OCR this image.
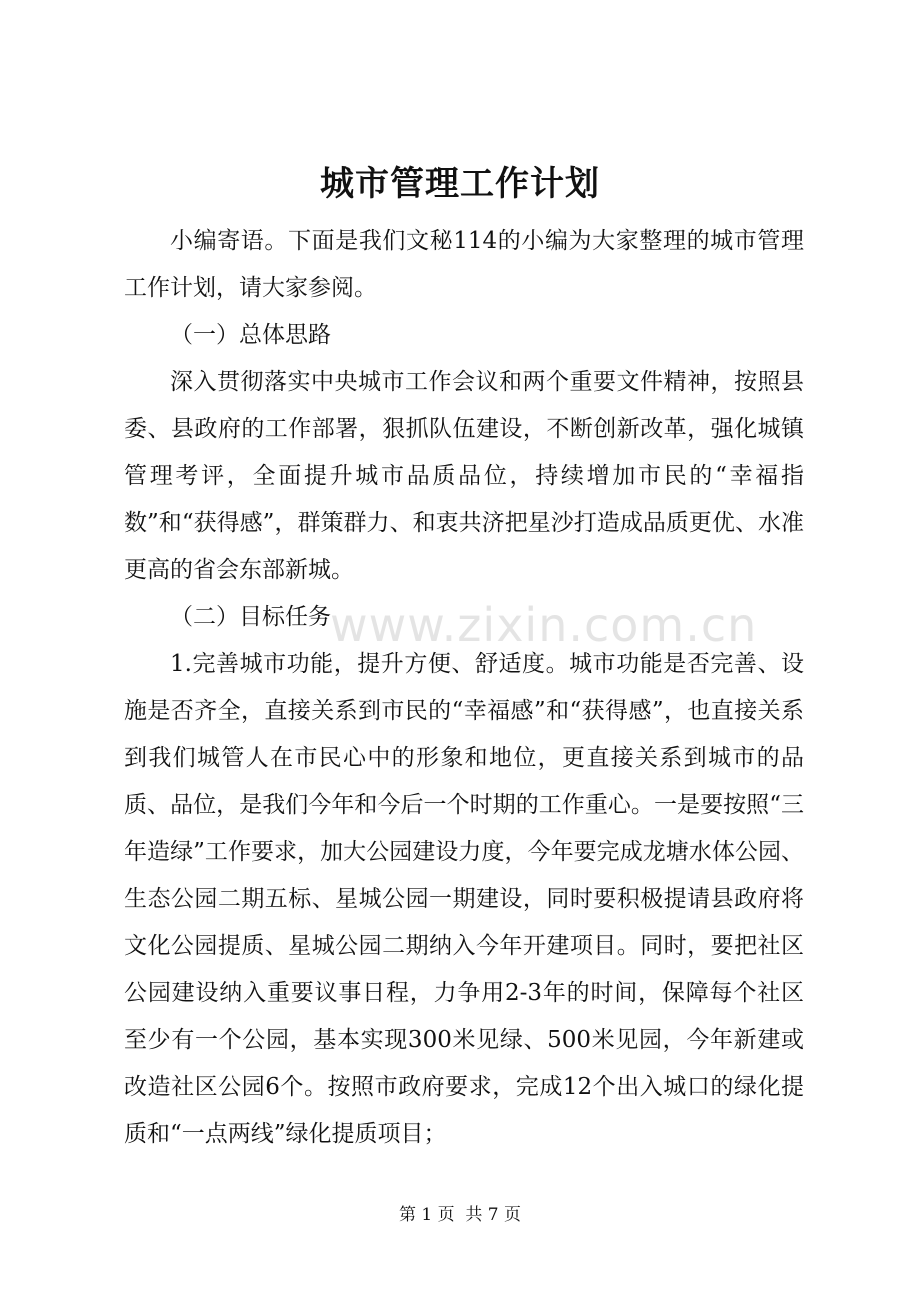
城市管理工作计划

小编寄语。下面是我们文秘114的小编为大家整理的城市管理工作计划，请大家参阅。

（一）总体思路

深入贯彻落实中央城市工作会议和两个重要文件精神，按照县委、县政府的工作部署，狠抓队伍建设，不断创新改革，强化城镇管理考评，全面提升城市品质品位，持续增加市民的“幸福指数”和“获得感”，群策群力、和衷共济把星沙打造成品质更优、水准更高的省会东部新城。

（二）目标任务

1.完善城市功能，提升方便、舒适度。城市功能是否完善、设施是否齐全，直接关系到市民的“幸福感”和“获得感”，也直接关系到我们城管人在市民心中的形象和地位，更直接关系到城市的品质、品位，是我们今年和今后一个时期的工作重心。一是要按照“三年造绿”工作要求，加大公园建设力度，今年要完成龙塘水体公园、生态公园二期五标、星城公园一期建设，同时要积极提请县政府将文化公园提质、星城公园二期纳入今年开建项目。同时，要把社区公园建设纳入重要议事日程，力争用2-3年的时间，保障每个社区至少有一个公园，基本实现300米见绿、500米见园，今年新建或改造社区公园6个。按照市政府要求，完成12个出入城口的绿化提质和“一点两线”绿化提质项目；

www.zixin.com.cn
第 1 页  共 7 页
